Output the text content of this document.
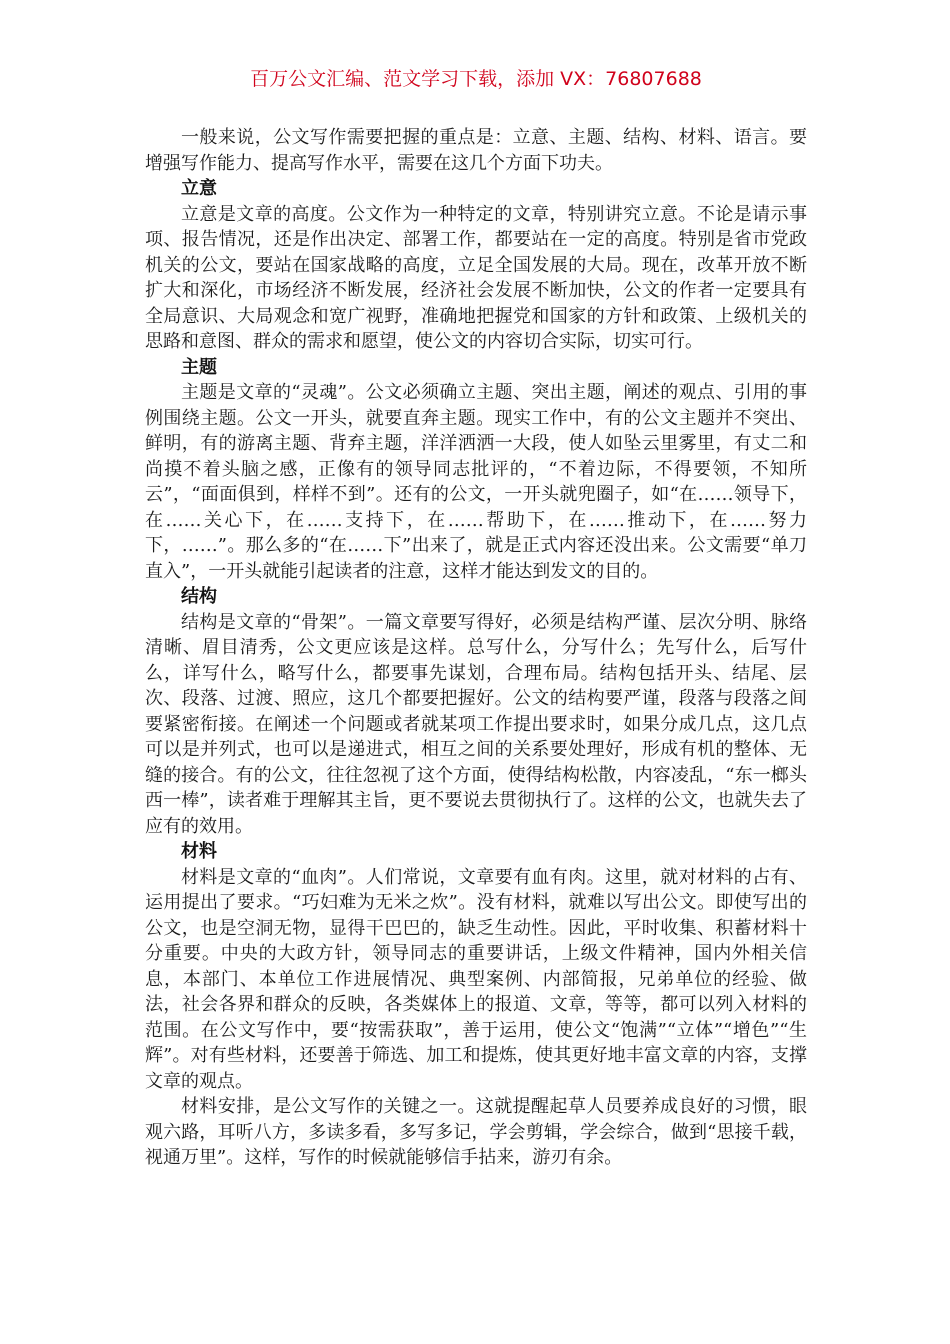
百万公文汇编、范文学习下载，添加 VX：76807688

一般来说，公文写作需要把握的重点是：立意、主题、结构、材料、语言。要增强写作能力、提高写作水平，需要在这几个方面下功夫。

立意

立意是文章的高度。公文作为一种特定的文章，特别讲究立意。不论是请示事项、报告情况，还是作出决定、部署工作，都要站在一定的高度。特别是省市党政机关的公文，要站在国家战略的高度，立足全国发展的大局。现在，改革开放不断扩大和深化，市场经济不断发展，经济社会发展不断加快，公文的作者一定要具有全局意识、大局观念和宽广视野，准确地把握党和国家的方针和政策、上级机关的思路和意图、群众的需求和愿望，使公文的内容切合实际，切实可行。

主题

主题是文章的“灵魂”。公文必须确立主题、突出主题，阐述的观点、引用的事例围绕主题。公文一开头，就要直奔主题。现实工作中，有的公文主题并不突出、鲜明，有的游离主题、背弃主题，洋洋洒洒一大段，使人如坠云里雾里，有丈二和尚摸不着头脑之感，正像有的领导同志批评的，“不着边际，不得要领，不知所云”，“面面俱到，样样不到”。还有的公文，一开头就兜圈子，如“在……领导下，在……关心下，在……支持下，在……帮助下，在……推动下，在……努力下，……”。那么多的“在……下”出来了，就是正式内容还没出来。公文需要“单刀直入”，一开头就能引起读者的注意，这样才能达到发文的目的。

结构

结构是文章的“骨架”。一篇文章要写得好，必须是结构严谨、层次分明、脉络清晰、眉目清秀，公文更应该是这样。总写什么，分写什么；先写什么，后写什么，详写什么，略写什么，都要事先谋划，合理布局。结构包括开头、结尾、层次、段落、过渡、照应，这几个都要把握好。公文的结构要严谨，段落与段落之间要紧密衔接。在阐述一个问题或者就某项工作提出要求时，如果分成几点，这几点可以是并列式，也可以是递进式，相互之间的关系要处理好，形成有机的整体、无缝的接合。有的公文，往往忽视了这个方面，使得结构松散，内容凌乱，“东一榔头西一棒”，读者难于理解其主旨，更不要说去贯彻执行了。这样的公文，也就失去了应有的效用。

材料

材料是文章的“血肉”。人们常说，文章要有血有肉。这里，就对材料的占有、运用提出了要求。“巧妇难为无米之炊”。没有材料，就难以写出公文。即使写出的公文，也是空洞无物，显得干巴巴的，缺乏生动性。因此，平时收集、积蓄材料十分重要。中央的大政方针，领导同志的重要讲话，上级文件精神，国内外相关信息，本部门、本单位工作进展情况、典型案例、内部简报，兄弟单位的经验、做法，社会各界和群众的反映，各类媒体上的报道、文章，等等，都可以列入材料的范围。在公文写作中，要“按需获取”，善于运用，使公文“饱满”“立体”“增色”“生辉”。对有些材料，还要善于筛选、加工和提炼，使其更好地丰富文章的内容，支撑文章的观点。

材料安排，是公文写作的关键之一。这就提醒起草人员要养成良好的习惯，眼观六路，耳听八方，多读多看，多写多记，学会剪辑，学会综合，做到“思接千载，视通万里”。这样，写作的时候就能够信手拈来，游刃有余。
